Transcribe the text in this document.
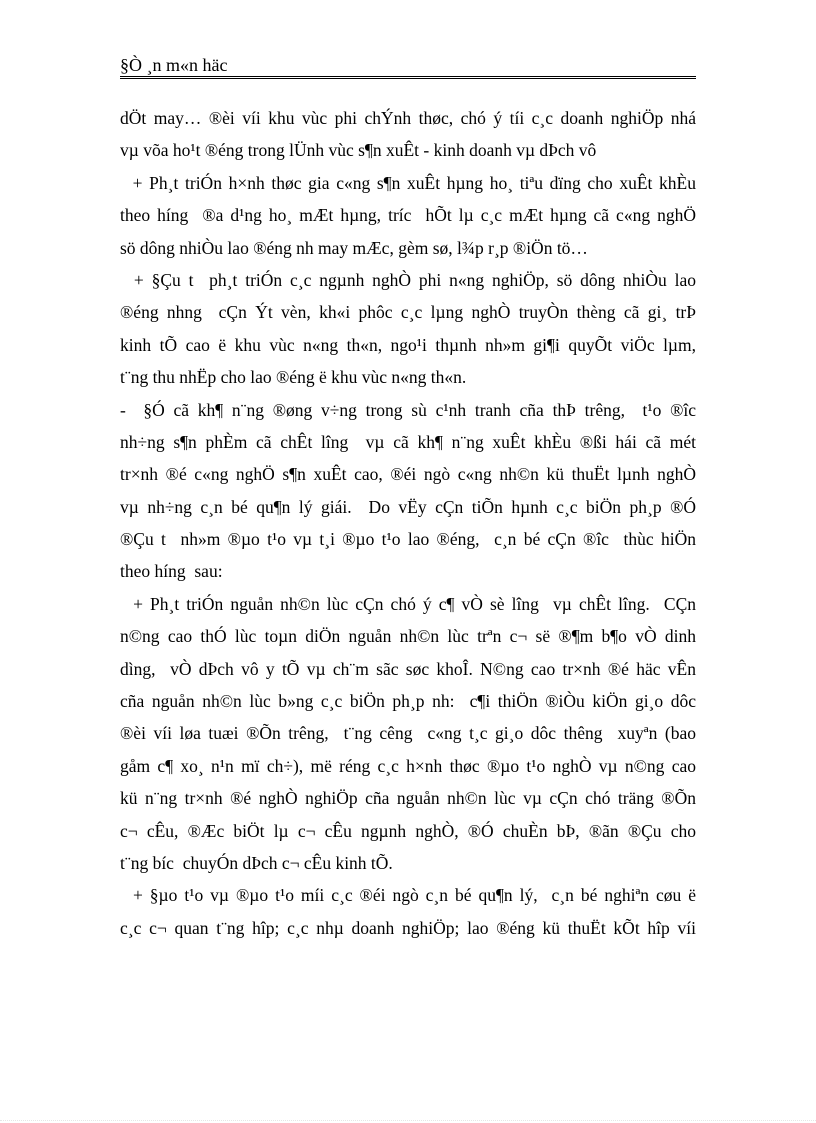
§Ò ¸n m«n häc
dÖt may… ®èi víi khu vùc phi chÝnh thøc, chó ý tíi c¸c doanh nghiÖp nhá
vµ võa ho¹t ®éng trong lÜnh vùc s¶n xuÊt - kinh doanh vµ dÞch vô
+ Ph¸t triÓn h×nh thøc gia c«ng s¶n xuÊt hµng ho¸ tiªu dïng cho xuÊt khÈu
theo híng  ®a d¹ng ho¸ mÆt hµng, tríc  hÕt lµ c¸c mÆt hµng cã c«ng nghÖ
sö dông nhiÒu lao ®éng nh may mÆc, gèm sø, l¾p r¸p ®iÖn tö…
+ §Çu t  ph¸t triÓn c¸c ngµnh nghÒ phi n«ng nghiÖp, sö dông nhiÒu lao
®éng nhng  cÇn Ýt vèn, kh«i phôc c¸c lµng nghÒ truyÒn thèng cã gi¸ trÞ
kinh tÕ cao ë khu vùc n«ng th«n, ngo¹i thµnh nh»m gi¶i quyÕt viÖc lµm,
t¨ng thu nhËp cho lao ®éng ë khu vùc n«ng th«n.
-  §Ó cã kh¶ n¨ng ®øng v÷ng trong sù c¹nh tranh cña thÞ trêng,  t¹o ®îc
nh÷ng s¶n phÈm cã chÊt lîng  vµ cã kh¶ n¨ng xuÊt khÈu ®ßi hái cã mét
tr×nh ®é c«ng nghÖ s¶n xuÊt cao, ®éi ngò c«ng nh©n kü thuËt lµnh nghÒ
vµ nh÷ng c¸n bé qu¶n lý giái.  Do vËy cÇn tiÕn hµnh c¸c biÖn ph¸p ®Ó
®Çu t  nh»m ®µo t¹o vµ t¸i ®µo t¹o lao ®éng,  c¸n bé cÇn ®îc  thùc hiÖn
theo híng  sau:
+ Ph¸t triÓn nguån nh©n lùc cÇn chó ý c¶ vÒ sè lîng  vµ chÊt lîng.  CÇn
n©ng cao thÓ lùc toµn diÖn nguån nh©n lùc trªn c¬ së ®¶m b¶o vÒ dinh
dìng,  vÒ dÞch vô y tÕ vµ ch¨m sãc søc khoÎ. N©ng cao tr×nh ®é häc vÊn
cña nguån nh©n lùc b»ng c¸c biÖn ph¸p nh:  c¶i thiÖn ®iÒu kiÖn gi¸o dôc
®èi víi løa tuæi ®Õn trêng,  t¨ng cêng  c«ng t¸c gi¸o dôc thêng  xuyªn (bao
gåm c¶ xo¸ n¹n mï ch÷), më réng c¸c h×nh thøc ®µo t¹o nghÒ vµ n©ng cao
kü n¨ng tr×nh ®é nghÒ nghiÖp cña nguån nh©n lùc vµ cÇn chó träng ®Õn
c¬ cÊu, ®Æc biÖt lµ c¬ cÊu ngµnh nghÒ, ®Ó chuÈn bÞ, ®ãn ®Çu cho
t¨ng bíc  chuyÓn dÞch c¬ cÊu kinh tÕ.
+ §µo t¹o vµ ®µo t¹o míi c¸c ®éi ngò c¸n bé qu¶n lý,  c¸n bé nghiªn cøu ë
c¸c c¬ quan t¨ng hîp; c¸c nhµ doanh nghiÖp; lao ®éng kü thuËt kÕt hîp víi
